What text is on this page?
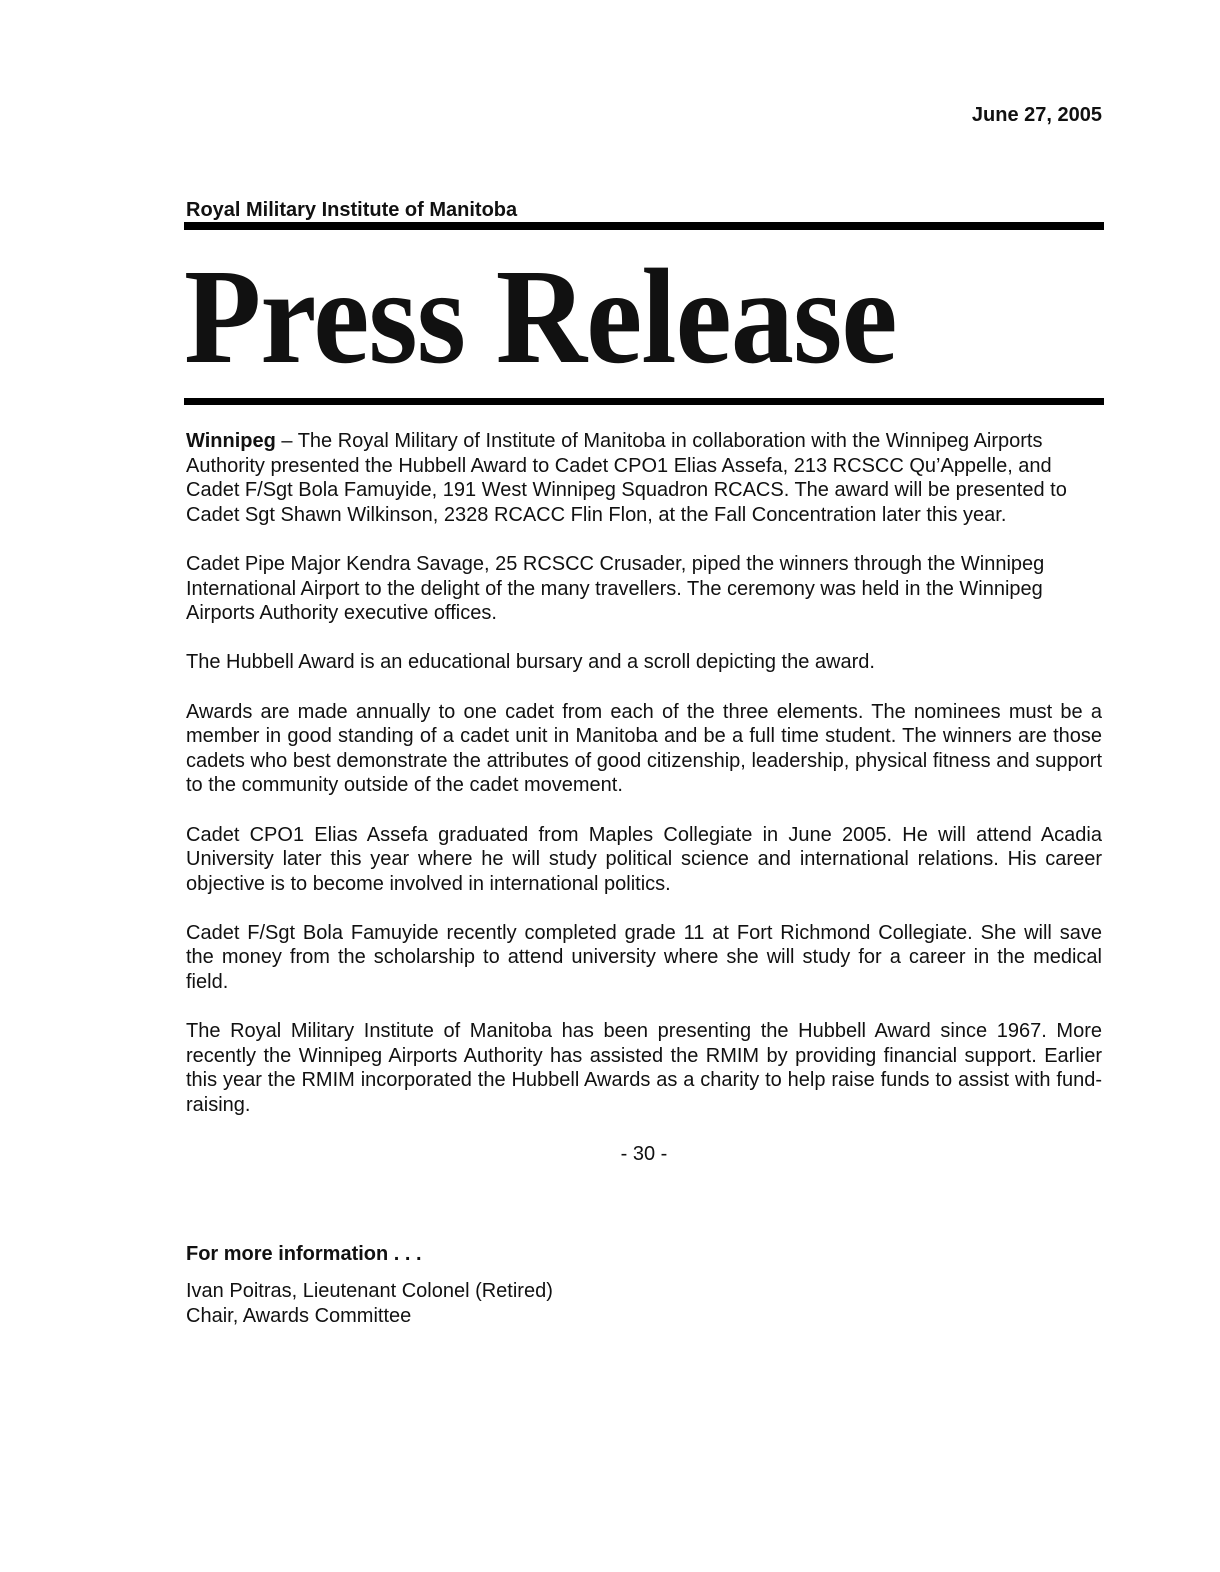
June 27, 2005
Royal Military Institute of Manitoba
Press Release

Winnipeg – The Royal Military of Institute of Manitoba in collaboration with the Winnipeg Airports Authority presented the Hubbell Award to Cadet CPO1 Elias Assefa, 213 RCSCC Qu’Appelle, and Cadet F/Sgt Bola Famuyide, 191 West Winnipeg Squadron RCACS. The award will be presented to Cadet Sgt Shawn Wilkinson, 2328 RCACC Flin Flon, at the Fall Concentration later this year.

Cadet Pipe Major Kendra Savage, 25 RCSCC Crusader, piped the winners through the Winnipeg International Airport to the delight of the many travellers. The ceremony was held in the Winnipeg Airports Authority executive offices.

The Hubbell Award is an educational bursary and a scroll depicting the award.

Awards are made annually to one cadet from each of the three elements. The nominees must be a member in good standing of a cadet unit in Manitoba and be a full time student. The winners are those cadets who best demonstrate the attributes of good citizenship, leadership, physical fitness and support to the community outside of the cadet movement.

Cadet CPO1 Elias Assefa graduated from Maples Collegiate in June 2005. He will attend Acadia University later this year where he will study political science and international relations. His career objective is to become involved in international politics.

Cadet F/Sgt Bola Famuyide recently completed grade 11 at Fort Richmond Collegiate. She will save the money from the scholarship to attend university where she will study for a career in the medical field.

The Royal Military Institute of Manitoba has been presenting the Hubbell Award since 1967. More recently the Winnipeg Airports Authority has assisted the RMIM by providing financial support. Earlier this year the RMIM incorporated the Hubbell Awards as a charity to help raise funds to assist with fund-raising.

- 30 -

For more information . . .
Ivan Poitras, Lieutenant Colonel (Retired)
Chair, Awards Committee
